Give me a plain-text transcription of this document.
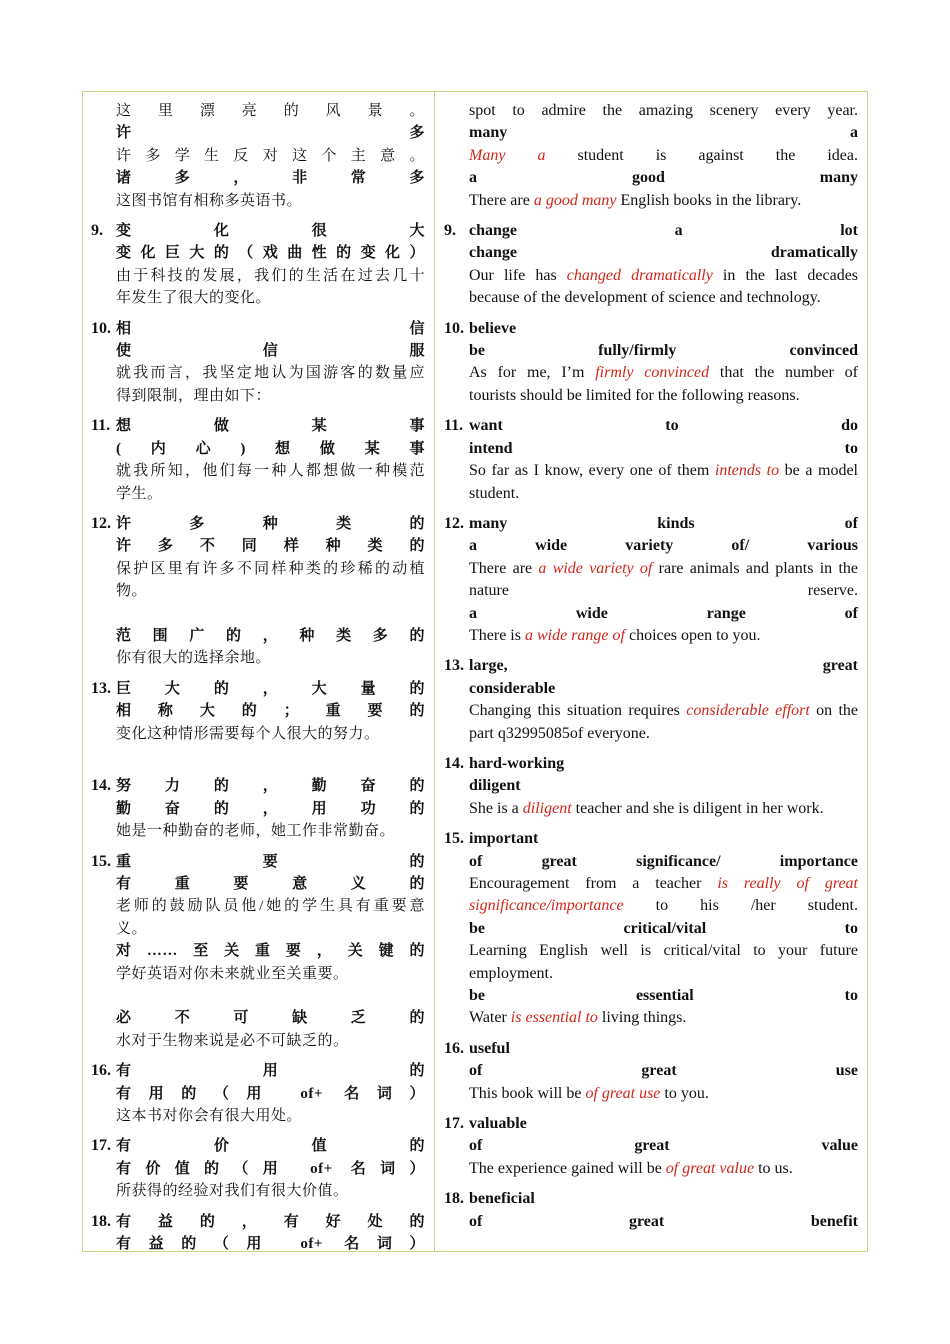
这里漂亮的风景。
许多
许多学生反对这个主意。
诸多，非常多
这图书馆有相称多英语书。
9. 变化很大
变化巨大的（戏曲性的变化）
由于科技的发展，我们的生活在过去几十
年发生了很大的变化。
10. 相信
使信服
就我而言，我坚定地认为国游客的数量应
得到限制，理由如下：
11. 想做某事
(内心)想做某事
就我所知，他们每一种人都想做一种模范
学生。
12. 许多种类的
许多不同样种类的
保护区里有许多不同样种类的珍稀的动植
物。
范围广的，种类多的
你有很大的选择余地。
13. 巨大的，大量的
相称大的；重要的
变化这种情形需要每个人很大的努力。
14. 努力的，勤奋的
勤奋的，用功的
她是一种勤奋的老师，她工作非常勤奋。
15. 重要的
有重要意义的
老师的鼓励队员他/她的学生具有重要意
义。
对……至关重要，关键的
学好英语对你未来就业至关重要。
必不可缺乏的
水对于生物来说是必不可缺乏的。
16. 有用的
有用的（用 of+ 名词）
这本书对你会有很大用处。
17. 有价值的
有价值的（用 of+ 名词）
所获得的经验对我们有很大价值。
18. 有益的，有好处的
有益的（用 of+ 名词）
spot to admire the amazing scenery every year.
many a
Many a student is against the idea.
a good many
There are a good many English books in the library.
9. change a lot
change dramatically
Our life has changed dramatically in the last decades
because of the development of science and technology.
10. believe
be fully/firmly convinced
As for me, I’m firmly convinced that the number of
tourists should be limited for the following reasons.
11. want to do
intend to
So far as I know, every one of them intends to be a model
student.
12. many kinds of
a wide variety of/ various
There are a wide variety of rare animals and plants in the
nature reserve.
a wide range of
There is a wide range of choices open to you.
13. large, great
considerable
Changing this situation requires considerable effort on the
part q32995085of everyone.
14. hard-working
diligent
She is a diligent teacher and she is diligent in her work.
15. important
of great significance/ importance
Encouragement from a teacher is really of great
significance/importance to his /her student.
be critical/vital to
Learning English well is critical/vital to your future
employment.
be essential to
Water is essential to living things.
16. useful
of great use
This book will be of great use to you.
17. valuable
of great value
The experience gained will be of great value to us.
18. beneficial
of great benefit
